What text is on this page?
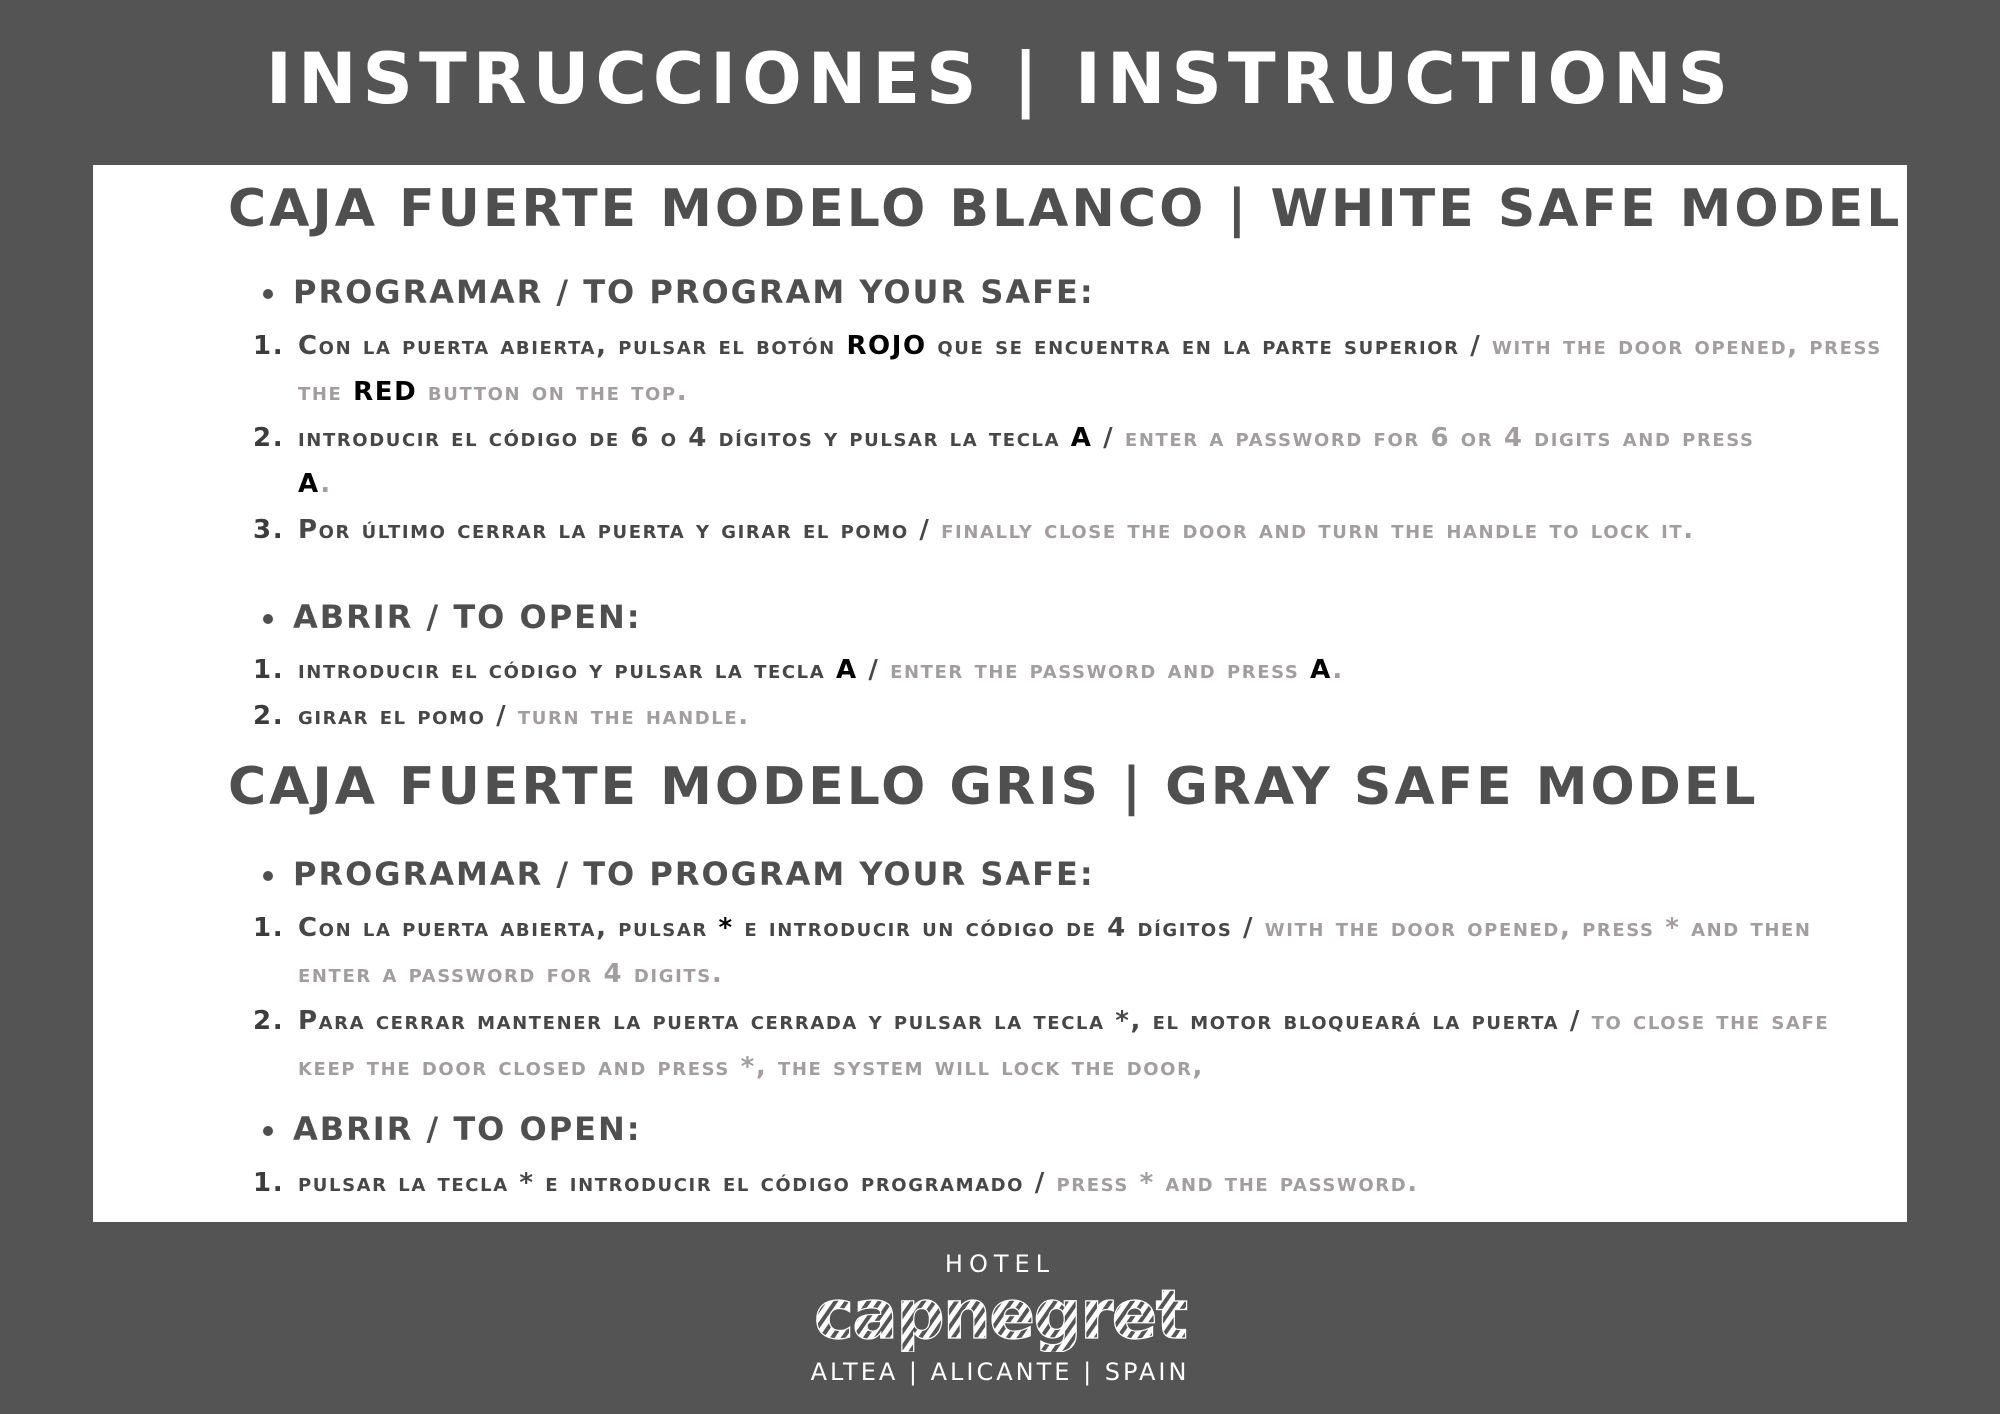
INSTRUCCIONES | INSTRUCTIONS
CAJA FUERTE MODELO BLANCO | WHITE SAFE MODEL
PROGRAMAR / TO PROGRAM YOUR SAFE:
1. Con la puerta abierta, pulsar el botón ROJO que se encuentra en la parte superior / with the door opened, press the RED button on the top.
2. introducir el código de 6 o 4 dígitos y pulsar la tecla A / enter a password for 6 or 4 digits and press A.
3. Por último cerrar la puerta y girar el pomo / finally close the door and turn the handle to lock it.
ABRIR / TO OPEN:
1. introducir el código y pulsar la tecla A / enter the password and press A.
2. girar el pomo / turn the handle.
CAJA FUERTE MODELO GRIS | GRAY SAFE MODEL
PROGRAMAR / TO PROGRAM YOUR SAFE:
1. Con la puerta abierta, pulsar * e introducir un código de 4 dígitos / with the door opened, press * and then enter a password for 4 digits.
2. Para cerrar mantener la puerta cerrada y pulsar la tecla *, el motor bloqueará la puerta / to close the safe keep the door closed and press *, the system will lock the door,
ABRIR / TO OPEN:
1. pulsar la tecla * e introducir el código programado / press * and the password.
HOTEL
capnegret
ALTEA | ALICANTE | SPAIN
